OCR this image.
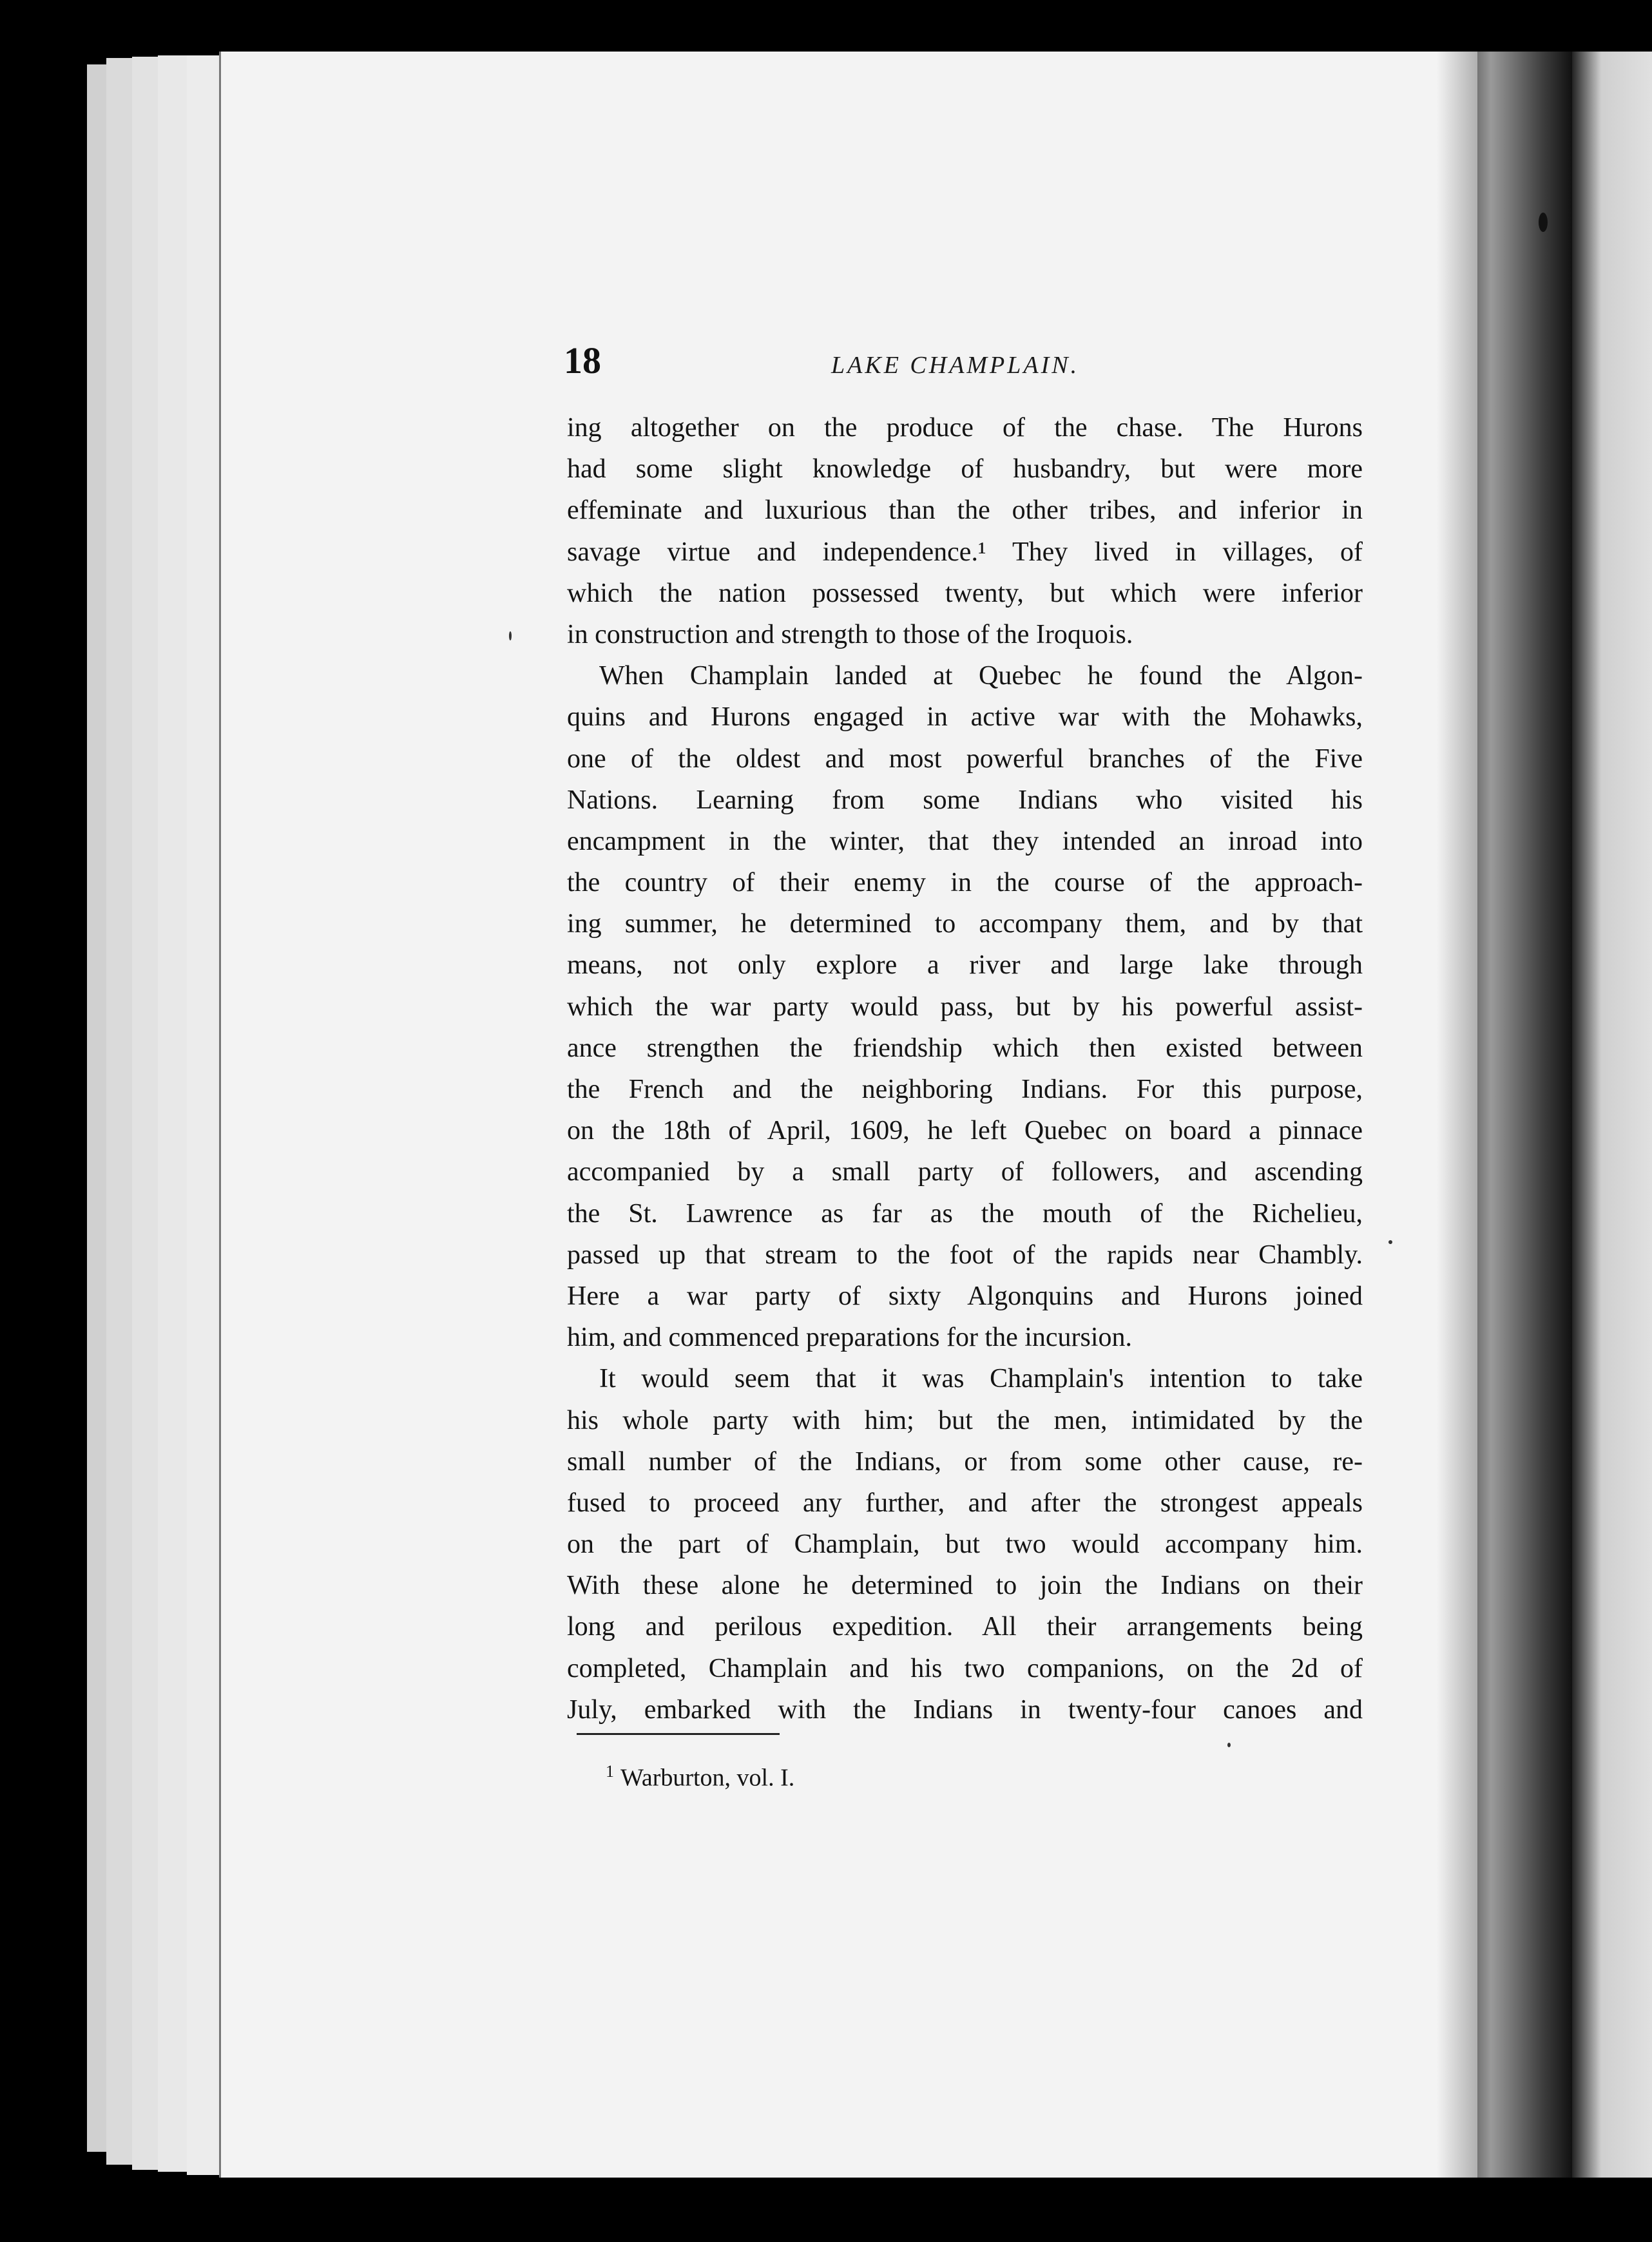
18	LAKE CHAMPLAIN.
ing altogether on the produce of the chase. The Hurons
had some slight knowledge of husbandry, but were more
effeminate and luxurious than the other tribes, and inferior in
savage virtue and independence.¹ They lived in villages, of
which the nation possessed twenty, but which were inferior
in construction and strength to those of the Iroquois.
When Champlain landed at Quebec he found the Algon-
quins and Hurons engaged in active war with the Mohawks,
one of the oldest and most powerful branches of the Five
Nations. Learning from some Indians who visited his
encampment in the winter, that they intended an inroad into
the country of their enemy in the course of the approach-
ing summer, he determined to accompany them, and by that
means, not only explore a river and large lake through
which the war party would pass, but by his powerful assist-
ance strengthen the friendship which then existed between
the French and the neighboring Indians. For this purpose,
on the 18th of April, 1609, he left Quebec on board a pinnace
accompanied by a small party of followers, and ascending
the St. Lawrence as far as the mouth of the Richelieu,
passed up that stream to the foot of the rapids near Chambly.
Here a war party of sixty Algonquins and Hurons joined
him, and commenced preparations for the incursion.
It would seem that it was Champlain's intention to take
his whole party with him; but the men, intimidated by the
small number of the Indians, or from some other cause, re-
fused to proceed any further, and after the strongest appeals
on the part of Champlain, but two would accompany him.
With these alone he determined to join the Indians on their
long and perilous expedition. All their arrangements being
completed, Champlain and his two companions, on the 2d of
July, embarked with the Indians in twenty-four canoes and
$^1$ Warburton, vol. I.
